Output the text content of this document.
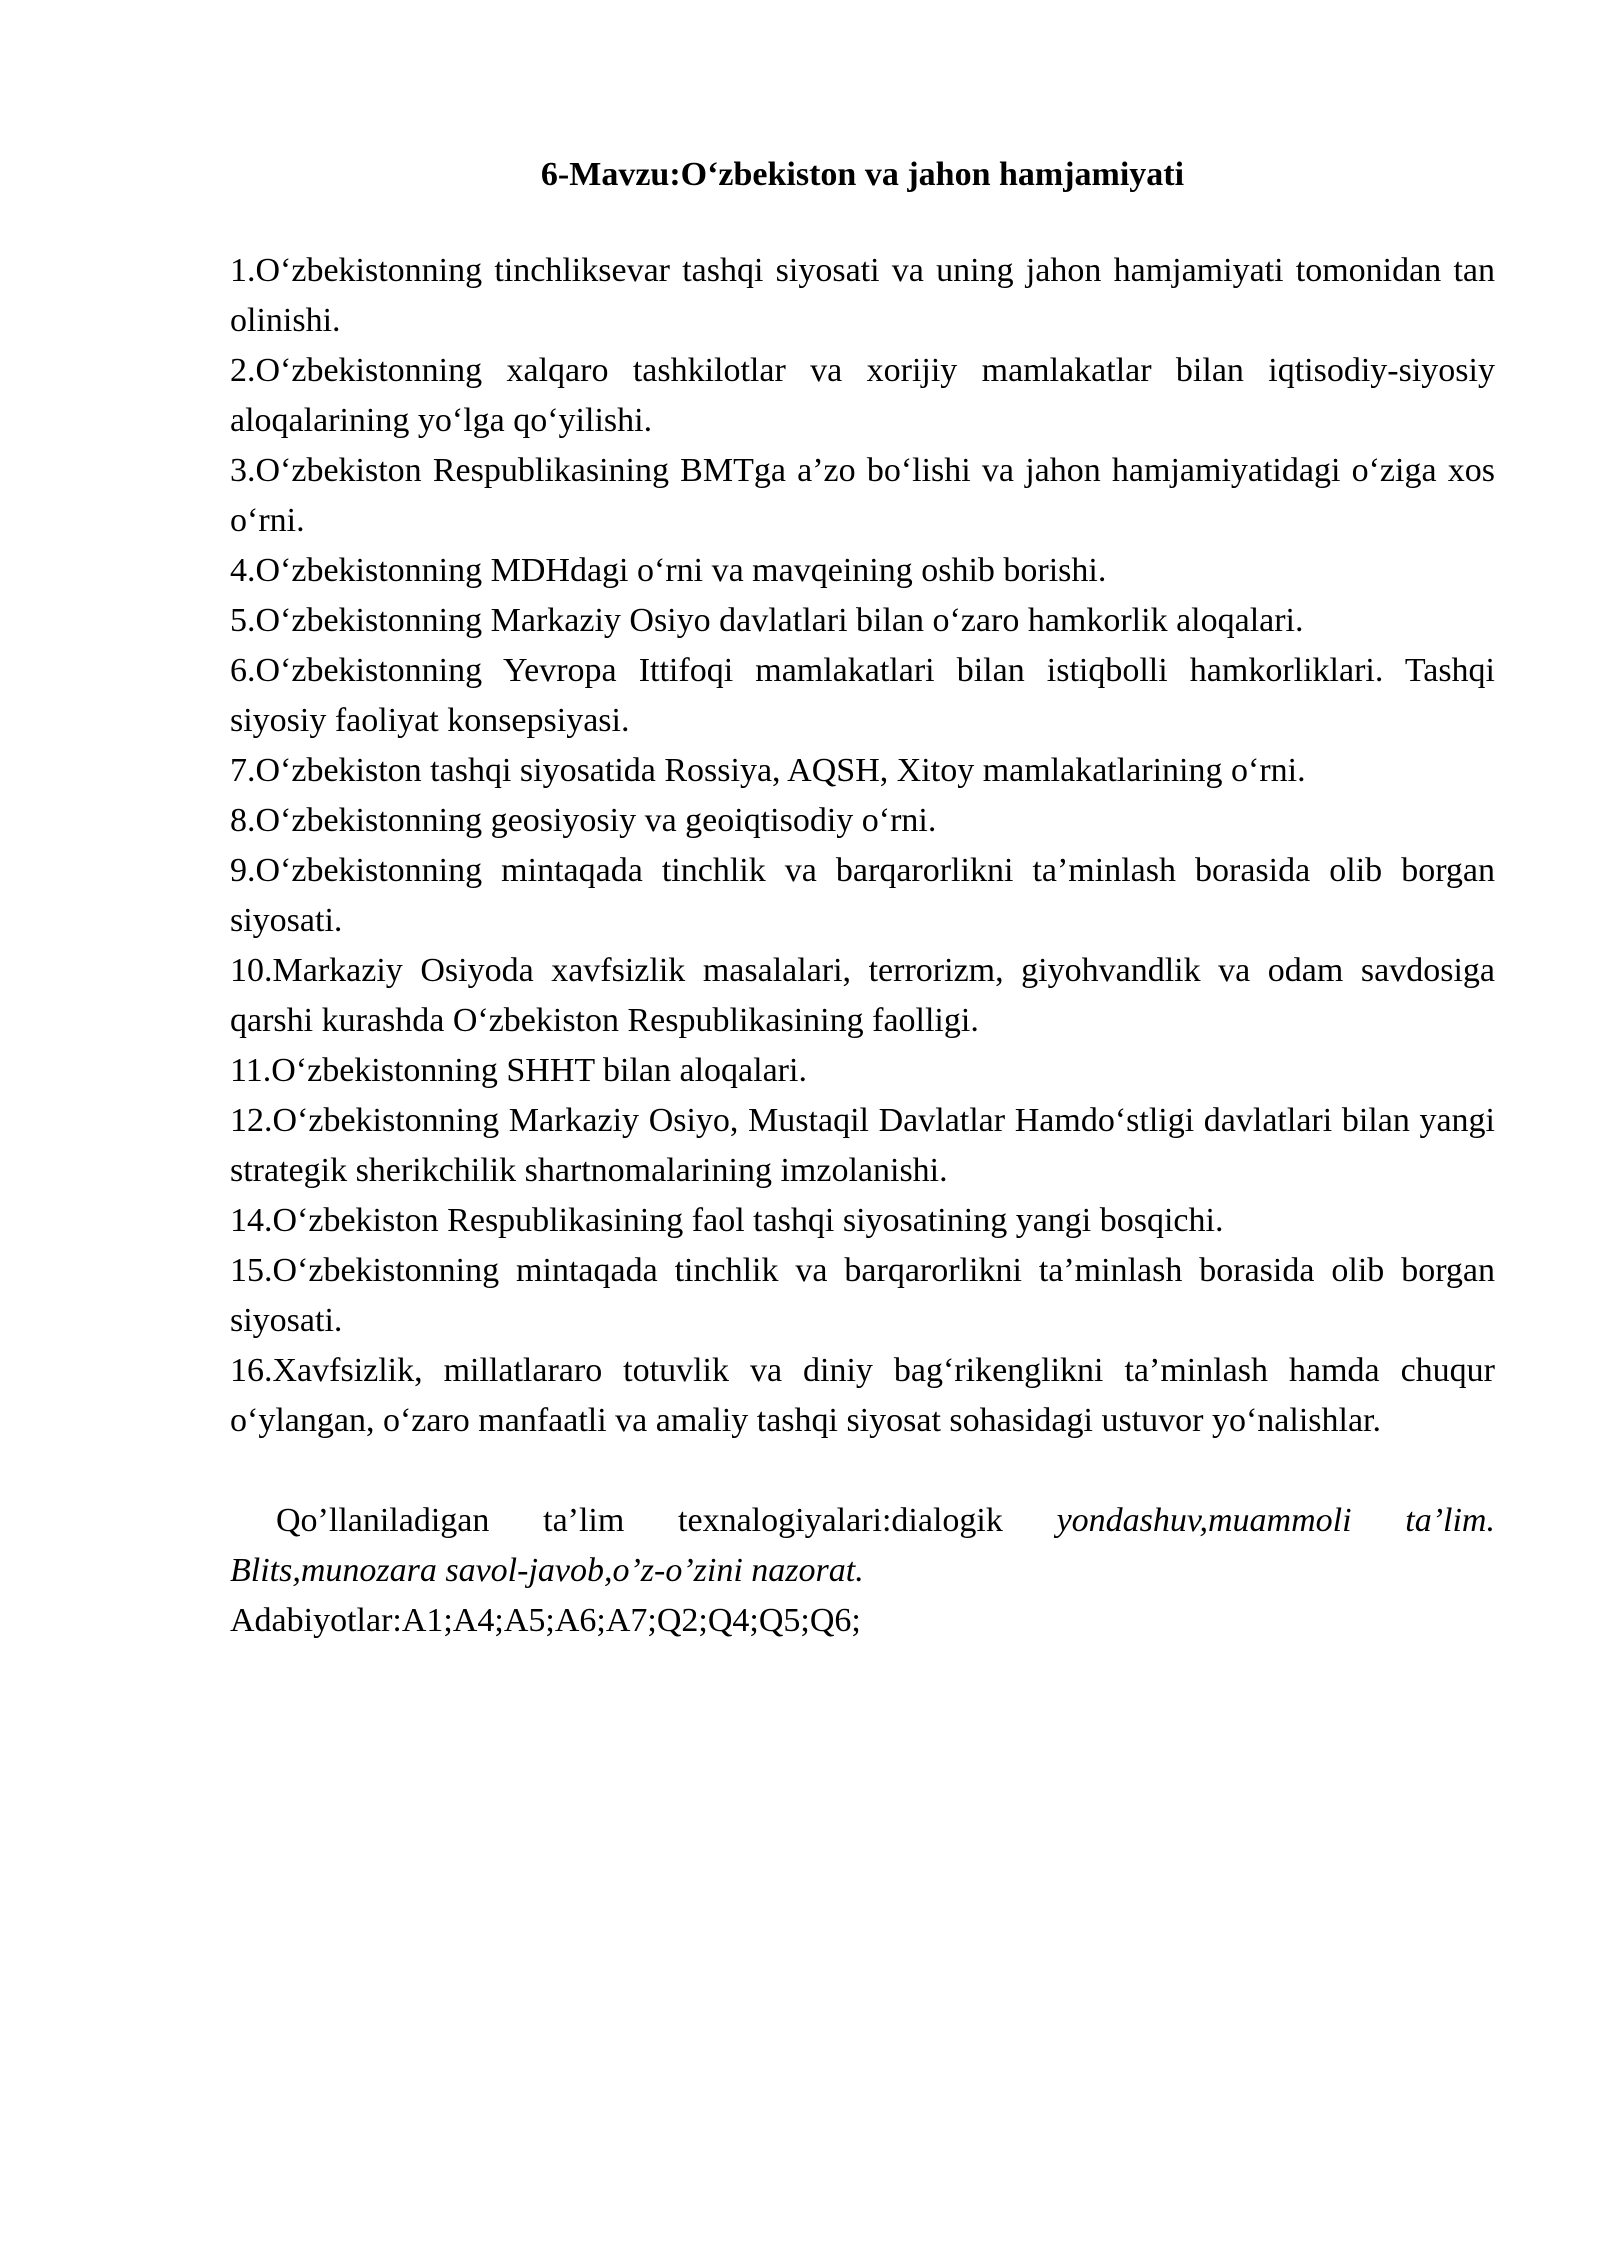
6-Mavzu:O‘zbekiston va jahon hamjamiyati

1.O‘zbekistonning tinchliksevar tashqi siyosati va uning jahon hamjamiyati tomonidan tan olinishi.

2.O‘zbekistonning xalqaro tashkilotlar va xorijiy mamlakatlar bilan iqtisodiy-siyosiy aloqalarining yo‘lga qo‘yilishi.

3.O‘zbekiston Respublikasining BMTga a’zo bo‘lishi va jahon hamjamiyatidagi o‘ziga xos o‘rni.

4.O‘zbekistonning MDHdagi o‘rni va mavqeining oshib borishi.

5.O‘zbekistonning Markaziy Osiyo davlatlari bilan o‘zaro hamkorlik aloqalari.

6.O‘zbekistonning Yevropa Ittifoqi mamlakatlari bilan istiqbolli hamkorliklari. Tashqi siyosiy faoliyat konsepsiyasi.

7.O‘zbekiston tashqi siyosatida Rossiya, AQSH, Xitoy mamlakatlarining o‘rni.

8.O‘zbekistonning geosiyosiy va geoiqtisodiy o‘rni.

9.O‘zbekistonning mintaqada tinchlik va barqarorlikni ta’minlash borasida olib borgan siyosati.

10.Markaziy Osiyoda xavfsizlik masalalari, terrorizm, giyohvandlik va odam savdosiga qarshi kurashda O‘zbekiston Respublikasining faolligi.

11.O‘zbekistonning SHHT bilan aloqalari.

12.O‘zbekistonning Markaziy Osiyo, Mustaqil Davlatlar Hamdo‘stligi davlatlari bilan yangi strategik sherikchilik shartnomalarining imzolanishi.

14.O‘zbekiston Respublikasining faol tashqi siyosatining yangi bosqichi.

15.O‘zbekistonning mintaqada tinchlik va barqarorlikni ta’minlash borasida olib borgan siyosati.

16.Xavfsizlik, millatlararo totuvlik va diniy bag‘rikenglikni ta’minlash hamda chuqur o‘ylangan, o‘zaro manfaatli va amaliy tashqi siyosat sohasidagi ustuvor yo‘nalishlar.

Qo’llaniladigan ta’lim texnalogiyalari:dialogik yondashuv,muammoli ta’lim. Blits,munozara savol-javob,o’z-o’zini nazorat.

Adabiyotlar:A1;A4;A5;A6;A7;Q2;Q4;Q5;Q6;
